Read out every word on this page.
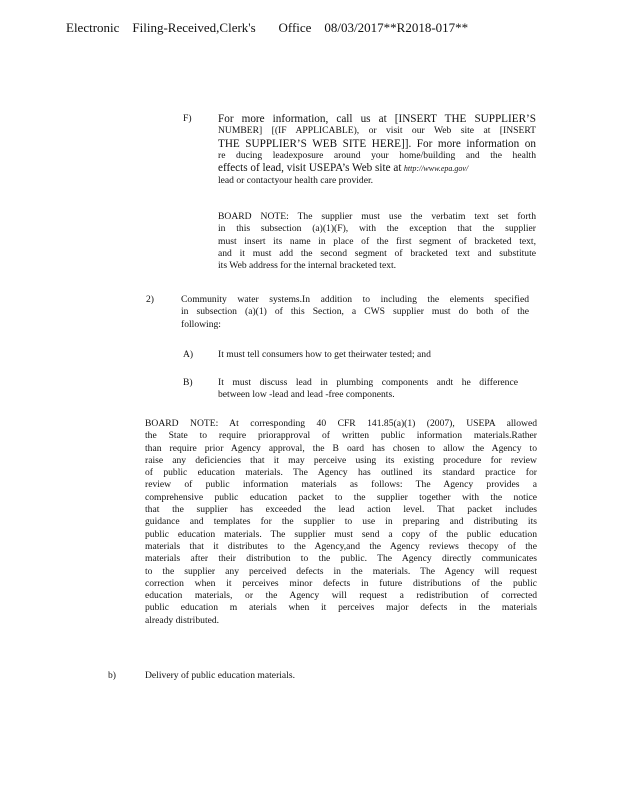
Electronic    Filing-Received,Clerk's       Office    08/03/2017**R2018-017**
F) For more information, call us at [INSERT THE SUPPLIER’S
NUMBER] [(IF APPLICABLE), or visit our Web site at [INSERT
THE SUPPLIER’S WEB SITE HERE]]. For more information on
re ducing leadexposure around your home/building and the health
effects of lead, visit USEPA’s Web site at http://www.epa.gov/
lead or contactyour health care provider.
BOARD NOTE: The supplier must use the verbatim text set forth
in this subsection (a)(1)(F), with the exception that the supplier
must insert its name in place of the first segment of bracketed text,
and it must add the second segment of bracketed text and substitute
its Web address for the internal bracketed text.
2)	Community water systems.In addition to including the elements specified
in subsection (a)(1) of this Section, a CWS supplier must do both of the
following:
A)	It must tell consumers how to get theirwater tested; and
B)	It must discuss lead in plumbing components andt he difference
between low -lead and lead -free components.
BOARD NOTE: At corresponding 40 CFR 141.85(a)(1) (2007), USEPA allowed
the State to require priorapproval of written public information materials.Rather
than require prior Agency approval, the B oard has chosen to allow the Agency to
raise any deficiencies that it may perceive using its existing procedure for review
of public education materials. The Agency has outlined its standard practice for
review of public information materials as follows: The Agency provides a
comprehensive public education packet to the supplier together with the notice
that the supplier has exceeded the lead action level. That packet includes
guidance and templates for the supplier to use in preparing and distributing its
public education materials. The supplier must send a copy of the public education
materials that it distributes to the Agency,and the Agency reviews thecopy of the
materials after their distribution to the public. The Agency directly communicates
to the supplier any perceived defects in the materials. The Agency will request
correction when it perceives minor defects in future distributions of the public
education materials, or the Agency will request a redistribution of corrected
public education m aterials when it perceives major defects in the materials
already distributed.
b)	Delivery of public education materials.
